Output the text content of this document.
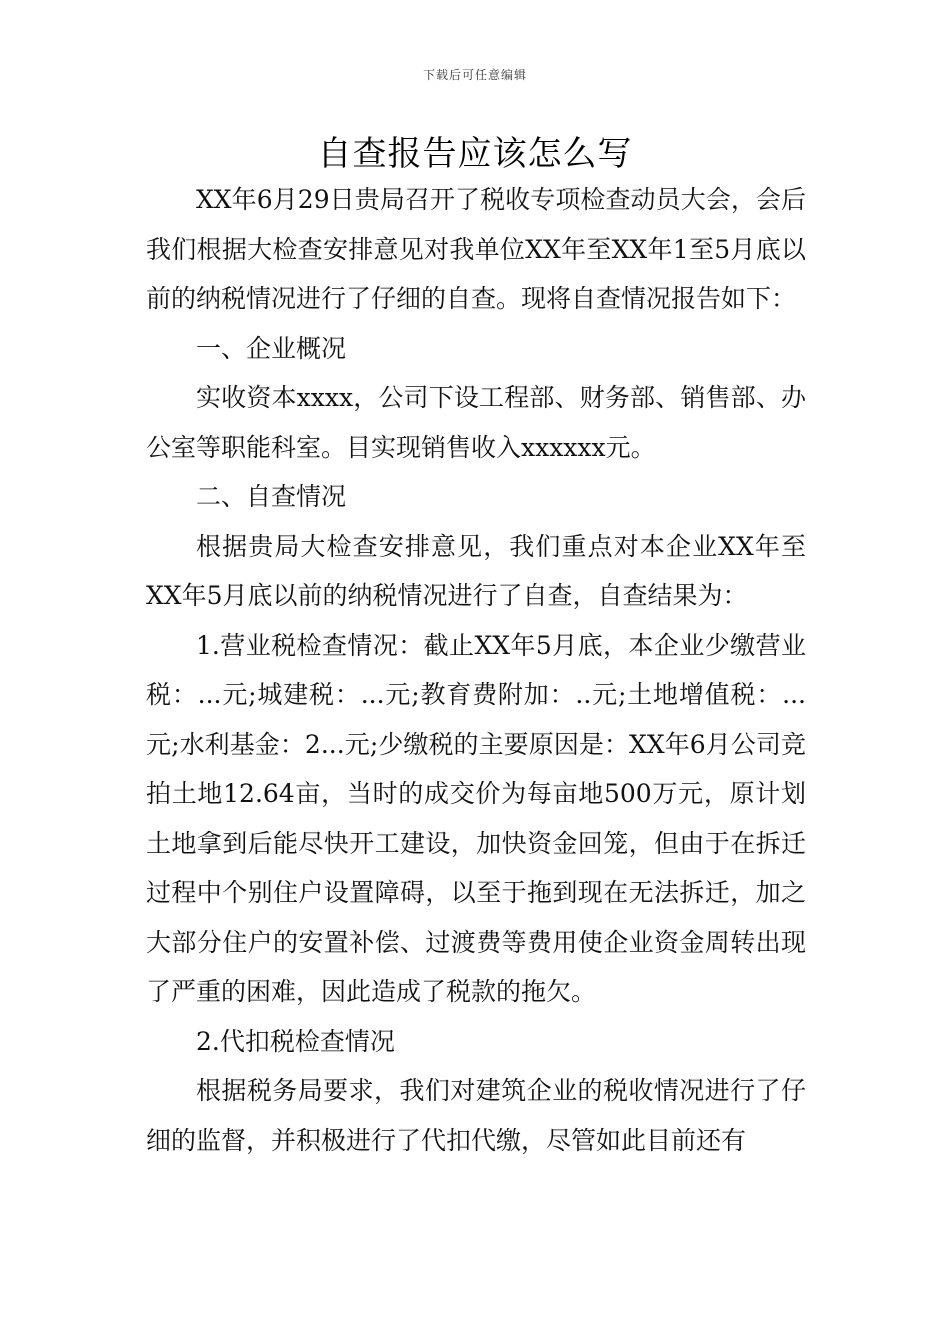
下载后可任意编辑
自查报告应该怎么写

XX年6月29日贵局召开了税收专项检查动员大会，会后我们根据大检查安排意见对我单位XX年至XX年1至5月底以前的纳税情况进行了仔细的自查。现将自查情况报告如下：

一、企业概况

实收资本xxxx，公司下设工程部、财务部、销售部、办公室等职能科室。目实现销售收入xxxxxx元。

二、自查情况

根据贵局大检查安排意见，我们重点对本企业XX年至XX年5月底以前的纳税情况进行了自查，自查结果为：

1.营业税检查情况：截止XX年5月底，本企业少缴营业税：...元;城建税：...元;教育费附加：..元;土地增值税：...元;水利基金：2...元;少缴税的主要原因是：XX年6月公司竞拍土地12.64亩，当时的成交价为每亩地500万元，原计划土地拿到后能尽快开工建设，加快资金回笼，但由于在拆迁过程中个别住户设置障碍，以至于拖到现在无法拆迁，加之大部分住户的安置补偿、过渡费等费用使企业资金周转出现了严重的困难，因此造成了税款的拖欠。

2.代扣税检查情况

根据税务局要求，我们对建筑企业的税收情况进行了仔细的监督，并积极进行了代扣代缴，尽管如此目前还有
